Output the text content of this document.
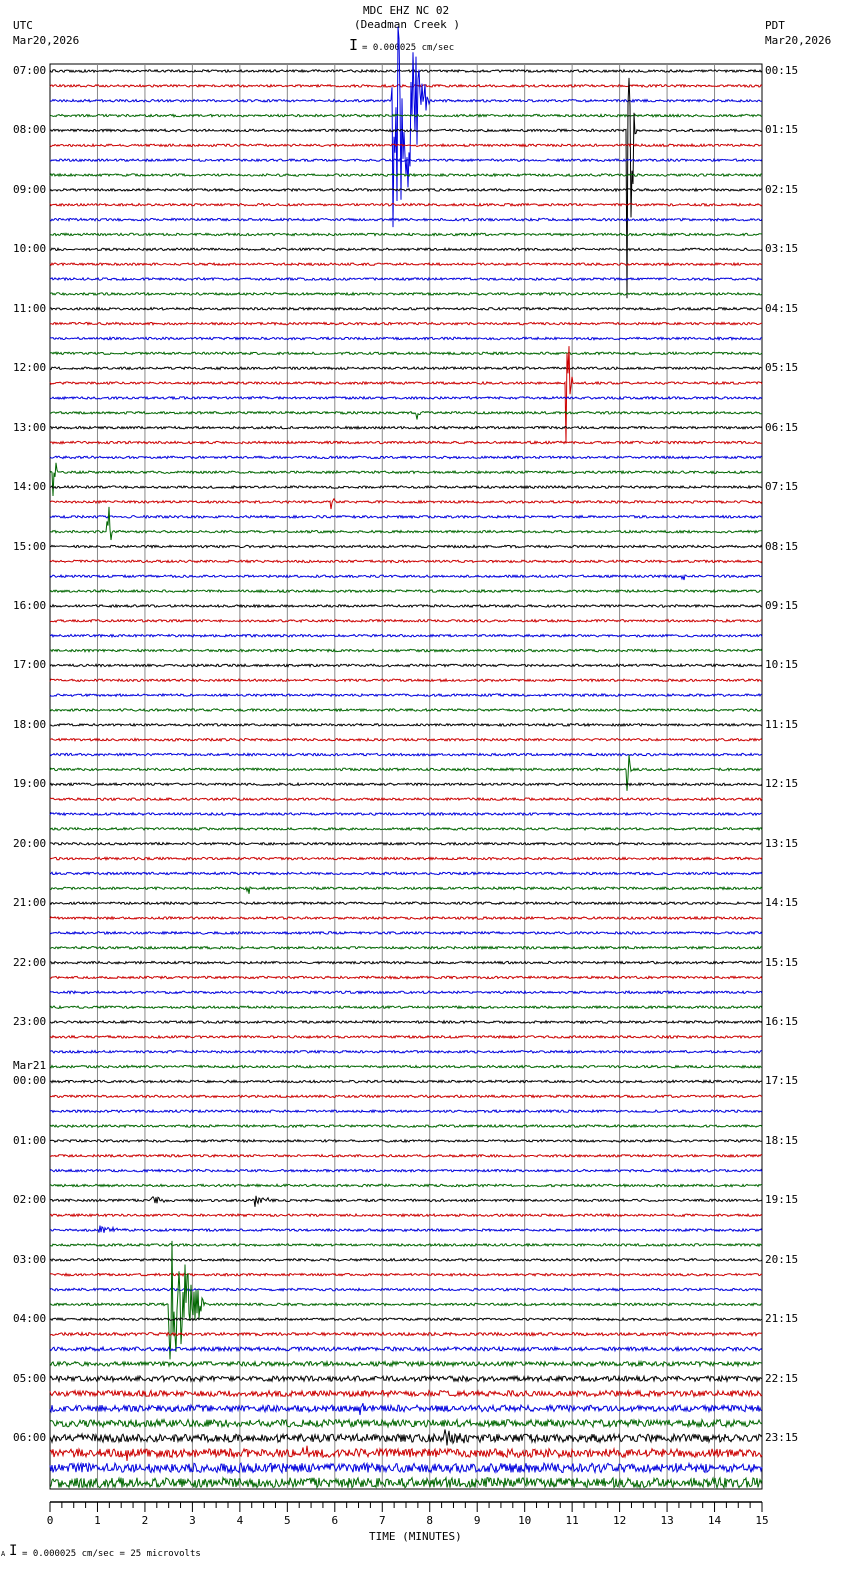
MDC EHZ NC 02
(Deadman Creek )
UTC
Mar20,2026
PDT
Mar20,2026
I = 0.000025 cm/sec
TIME (MINUTES)
A I = 0.000025 cm/sec = 25 microvolts
0	1	2	3	4	5	6	7	8	9	10	11	12	13	14	15
07:00
08:00
09:00
10:00
11:00
12:00
13:00
14:00
15:00
16:00
17:00
18:00
19:00
20:00
21:00
22:00
23:00
00:00
Mar21
01:00
02:00
03:00
04:00
05:00
06:00
00:15
01:15
02:15
03:15
04:15
05:15
06:15
07:15
08:15
09:15
10:15
11:15
12:15
13:15
14:15
15:15
16:15
17:15
18:15
19:15
20:15
21:15
22:15
23:15
